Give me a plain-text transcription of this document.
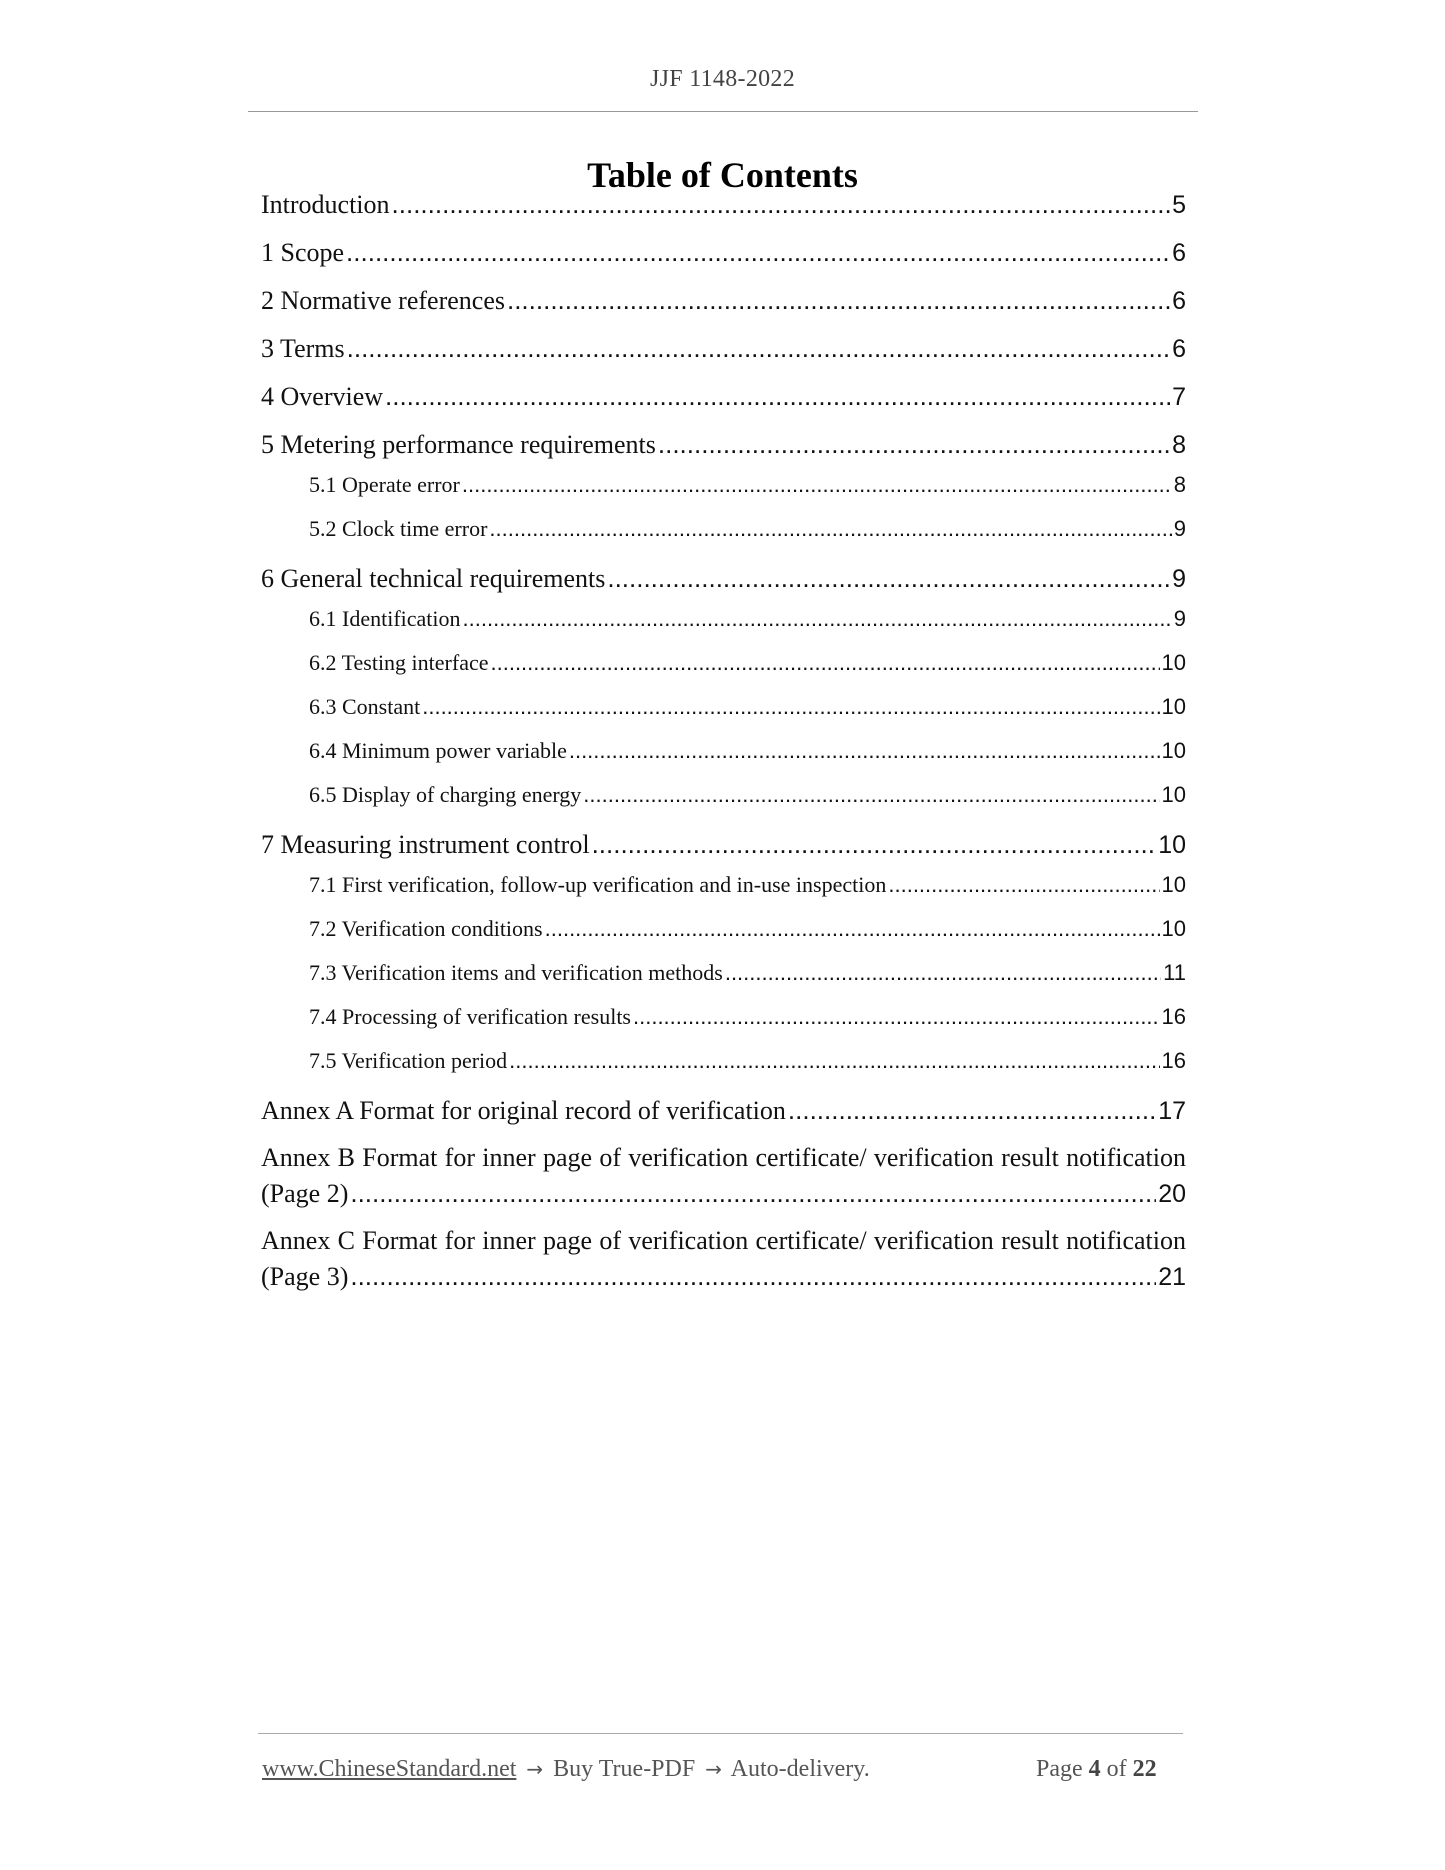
JJF 1148-2022
Table of Contents
Introduction .....	5
1 Scope .....	6
2 Normative references .....	6
3 Terms .....	6
4 Overview .....	7
5 Metering performance requirements .....	8
5.1 Operate error .....	8
5.2 Clock time error .....	9
6 General technical requirements .....	9
6.1 Identification .....	9
6.2 Testing interface .....	10
6.3 Constant .....	10
6.4 Minimum power variable .....	10
6.5 Display of charging energy .....	10
7 Measuring instrument control .....	10
7.1 First verification, follow-up verification and in-use inspection .....	10
7.2 Verification conditions .....	10
7.3 Verification items and verification methods .....	11
7.4 Processing of verification results .....	16
7.5 Verification period .....	16
Annex A Format for original record of verification .....	17
Annex B Format for inner page of verification certificate/ verification result notification
(Page 2) .....	20
Annex C Format for inner page of verification certificate/ verification result notification
(Page 3) .....	21
www.ChineseStandard.net → Buy True-PDF → Auto-delivery.	Page 4 of 22
